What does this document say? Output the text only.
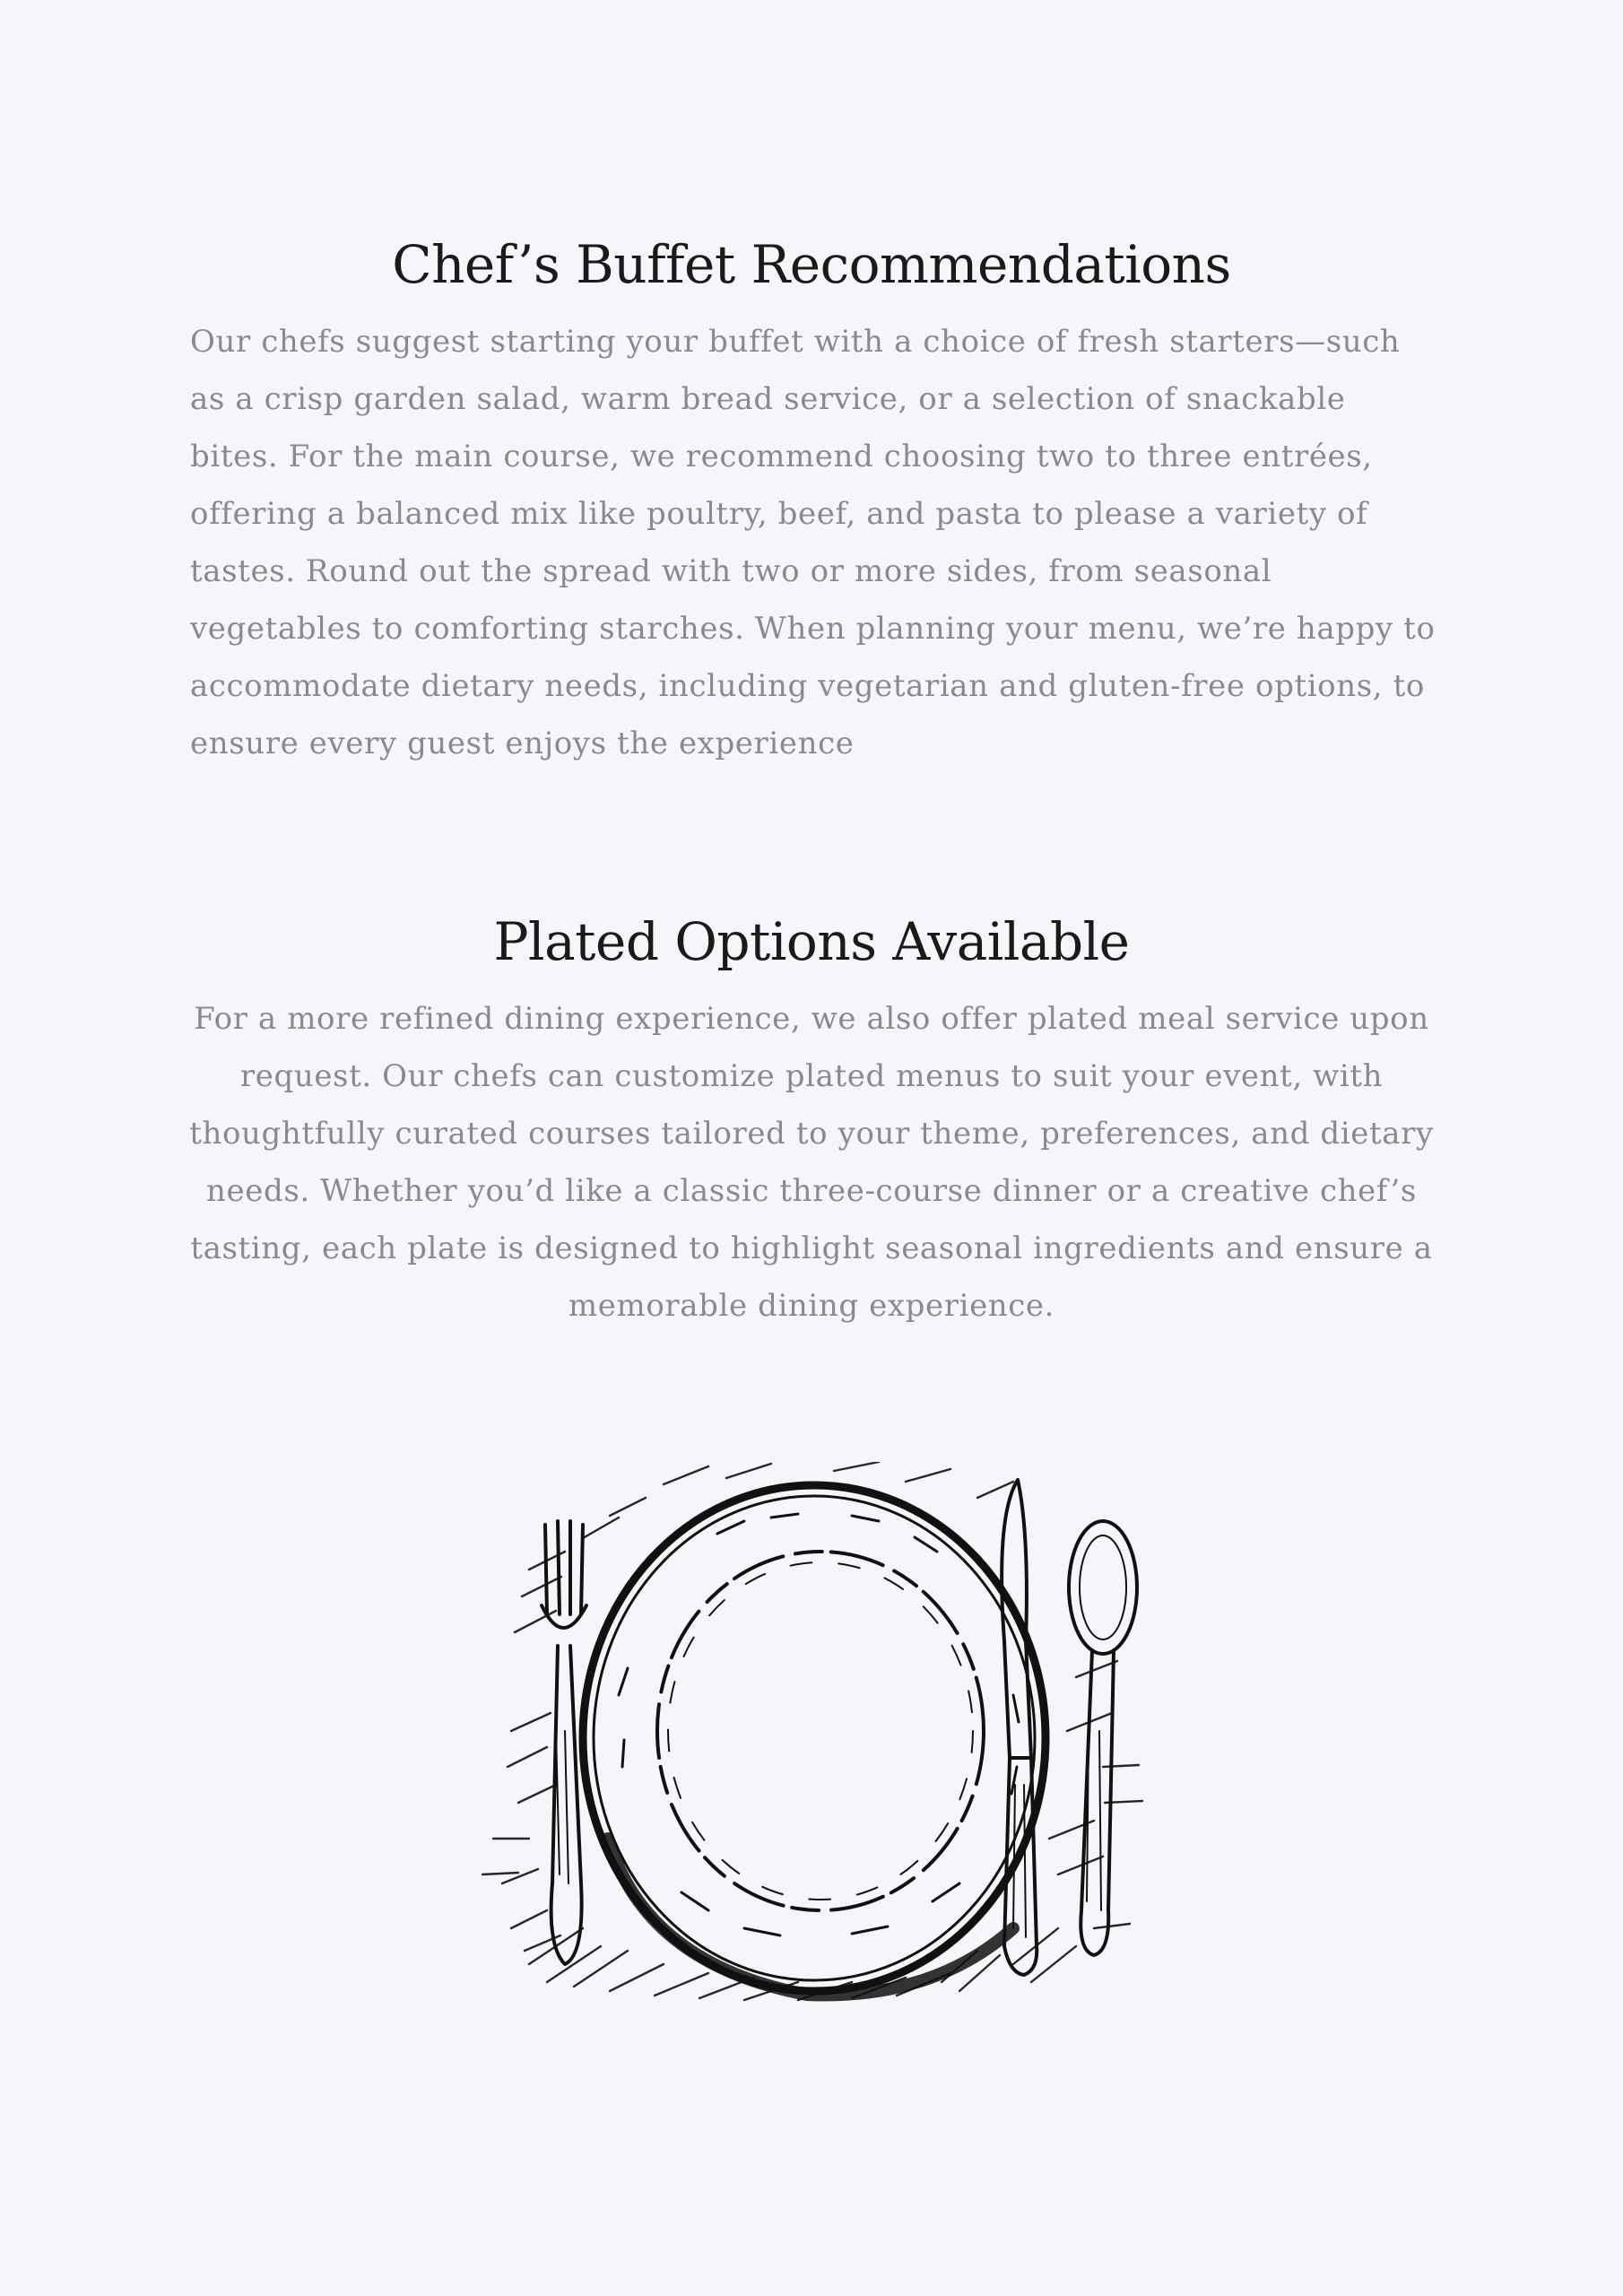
Chef’s Buffet Recommendations

Our chefs suggest starting your buffet with a choice of fresh starters—such as a crisp garden salad, warm bread service, or a selection of snackable bites. For the main course, we recommend choosing two to three entrées, offering a balanced mix like poultry, beef, and pasta to please a variety of tastes. Round out the spread with two or more sides, from seasonal vegetables to comforting starches. When planning your menu, we’re happy to accommodate dietary needs, including vegetarian and gluten-free options, to ensure every guest enjoys the experience

Plated Options Available

For a more refined dining experience, we also offer plated meal service upon request. Our chefs can customize plated menus to suit your event, with thoughtfully curated courses tailored to your theme, preferences, and dietary needs. Whether you’d like a classic three-course dinner or a creative chef’s tasting, each plate is designed to highlight seasonal ingredients and ensure a memorable dining experience.
